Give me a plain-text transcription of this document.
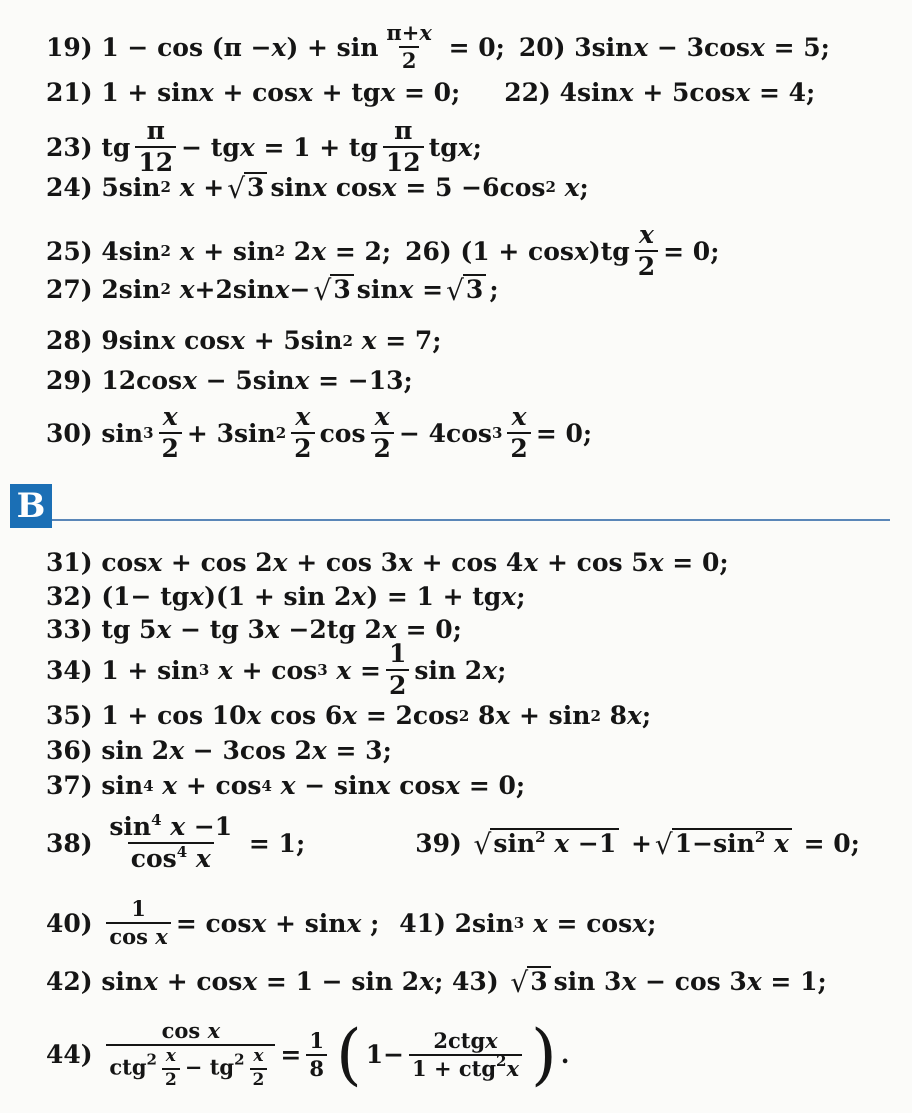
19 ) 1 − cos (π − x ) + $\sin \frac{\pi+x}{2} = 0$; 20 ) 3sin x − 3cos x = 5;
21 ) 1 + sin x + cos x + tg x = 0; 22 ) 4sin x + 5cos x = 4;
23 ) tg $\frac{\pi}{12}$ − tg x = 1 + tg $\frac{\pi}{12}$ tg x ;
24 ) 5sin 2
x + √ 3 sin x cos x = 5 −6cos 2
x ;
25 ) 4sin 2
x + sin 2 2 x = 2; 26 ) (1 + cos x )$tg \frac{x}{2} = 0$;
27 ) 2sin 2
x +2sin x − √ 3 sin x = √ 3 ;
28 ) 9sin x cos x + 5sin 2
x = 7;
29 ) 12cos x − 5sin x = −13;
30 ) $\sin 3 \frac{x}{2} + 3\sin$ $2 \frac{x}{2}$ $\cos \frac{x}{2} - 4\cos$ $3 \frac{x}{2} = 0$;
B
31 ) cos x + cos 2 x + cos 3 x + cos 4 x + cos 5 x = 0;
32 ) (1− tg x )(1 + sin 2 x ) = 1 + tg x ;
33 ) tg 5 x − tg 3 x −2tg 2 x = 0;
34 ) 1 + sin 3
x + cos 3
$x = \frac{1}{2}$ sin 2 x ;
35 ) 1 + cos 10 x cos 6 x = 2cos 2 8 x + sin 2 8 x ;
36 ) sin 2 x − 3cos 2 x = 3;
37 ) sin 4
x + cos 4
x − sin x cos x = 0;
38 ) $\frac{\sin^4 x -1}{\cos^4 x} = 1$;	39 ) √ $\sin^2 x -1$ + √ $1-\sin^2$ x = 0;
40 ) $\frac{1}{\text{cos x}} = \cos x + \sin x$ ; 41 ) 2sin 3
x = cos x ;
42 ) sin x + cos x = 1 − sin 2 x ; 43 ) √ 3 sin 3 x − cos 3 x = 1;
44 ) $\frac{\text{cos x}}{ctg^2 \frac{x}{2} - tg^2 \frac{x}{2}} = \frac{1}{8}$ ( $1- \frac{\text{2ctgx}}{1 + ctg^2x}$ ) .
